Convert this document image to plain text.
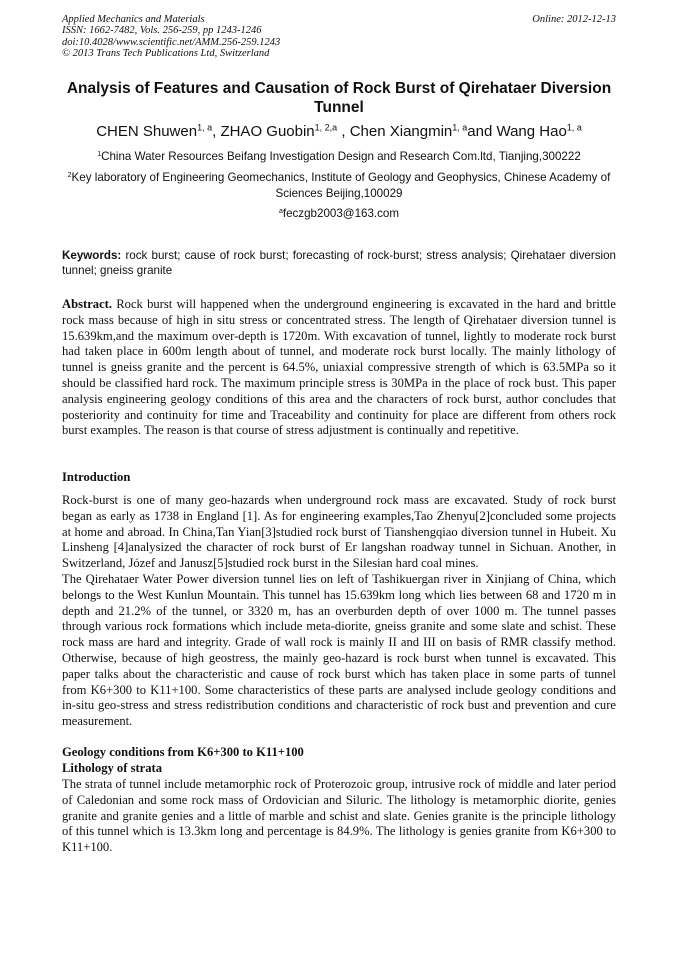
Applied Mechanics and Materials
ISSN: 1662-7482, Vols. 256-259, pp 1243-1246
doi:10.4028/www.scientific.net/AMM.256-259.1243
© 2013 Trans Tech Publications Ltd, Switzerland
Online: 2012-12-13
Analysis of Features and Causation of Rock Burst of Qirehataer Diversion Tunnel
CHEN Shuwen$^{1, a}$, ZHAO Guobin$^{1, 2,a}$ , Chen Xiangmin$^{1, a}$and Wang Hao$^{1, a}$
$^1$China Water Resources Beifang Investigation Design and Research Com.ltd, Tianjing,300222
$^2$Key laboratory of Engineering Geomechanics, Institute of Geology and Geophysics, Chinese Academy of Sciences Beijing,100029
$^a$feczgb2003@163.com
Keywords: rock burst; cause of rock burst; forecasting of rock-burst; stress analysis; Qirehataer diversion tunnel; gneiss granite
Abstract. Rock burst will happened when the underground engineering is excavated in the hard and brittle rock mass because of high in situ stress or concentrated stress. The length of Qirehataer diversion tunnel is 15.639km,and the maximum over-depth is 1720m. With excavation of tunnel, lightly to moderate rock burst had taken place in 600m length about of tunnel, and moderate rock burst locally. The mainly lithology of tunnel is gneiss granite and the percent is 64.5%, uniaxial compressive strength of which is 63.5MPa so it should be classified hard rock. The maximum principle stress is 30MPa in the place of rock bust. This paper analysis engineering geology conditions of this area and the characters of rock burst, author concludes that posteriority and continuity for time and Traceability and continuity for place are different from others rock burst examples. The reason is that course of stress adjustment is continually and repetitive.
Introduction

Rock-burst is one of many geo-hazards when underground rock mass are excavated. Study of rock burst began as early as 1738 in England [1]. As for engineering examples,Tao Zhenyu[2]concluded some projects at home and abroad. In China,Tan Yian[3]studied rock burst of Tianshengqiao diversion tunnel in Hubeit. Xu Linsheng [4]analysized the character of rock burst of Er langshan roadway tunnel in Sichuan. Another, in Switzerland, Józef and Janusz[5]studied rock burst in the Silesian hard coal mines.

The Qirehataer Water Power diversion tunnel lies on left of Tashikuergan river in Xinjiang of China, which belongs to the West Kunlun Mountain. This tunnel has 15.639km long which lies between 68 and 1720 m in depth and 21.2% of the tunnel, or 3320 m, has an overburden depth of over 1000 m. The tunnel passes through various rock formations which include meta-diorite, gneiss granite and some slate and schist. These rock mass are hard and integrity. Grade of wall rock is mainly II and III on basis of RMR classify method. Otherwise, because of high geostress, the mainly geo-hazard is rock burst when tunnel is excavated. This paper talks about the characteristic and cause of rock burst which has taken place in some parts of tunnel from K6+300 to K11+100. Some characteristics of these parts are analysed include geology conditions and in-situ geo-stress and stress redistribution conditions and characteristic of rock bust and prevention and cure measurement.

Geology conditions from K6+300 to K11+100
Lithology of strata

The strata of tunnel include metamorphic rock of Proterozoic group, intrusive rock of middle and later period of Caledonian and some rock mass of Ordovician and Siluric. The lithology is metamorphic diorite, genies granite and granite genies and a little of marble and schist and slate. Genies granite is the principle lithology of this tunnel which is 13.3km long and percentage is 84.9%. The lithology is genies granite from K6+300 to K11+100.
